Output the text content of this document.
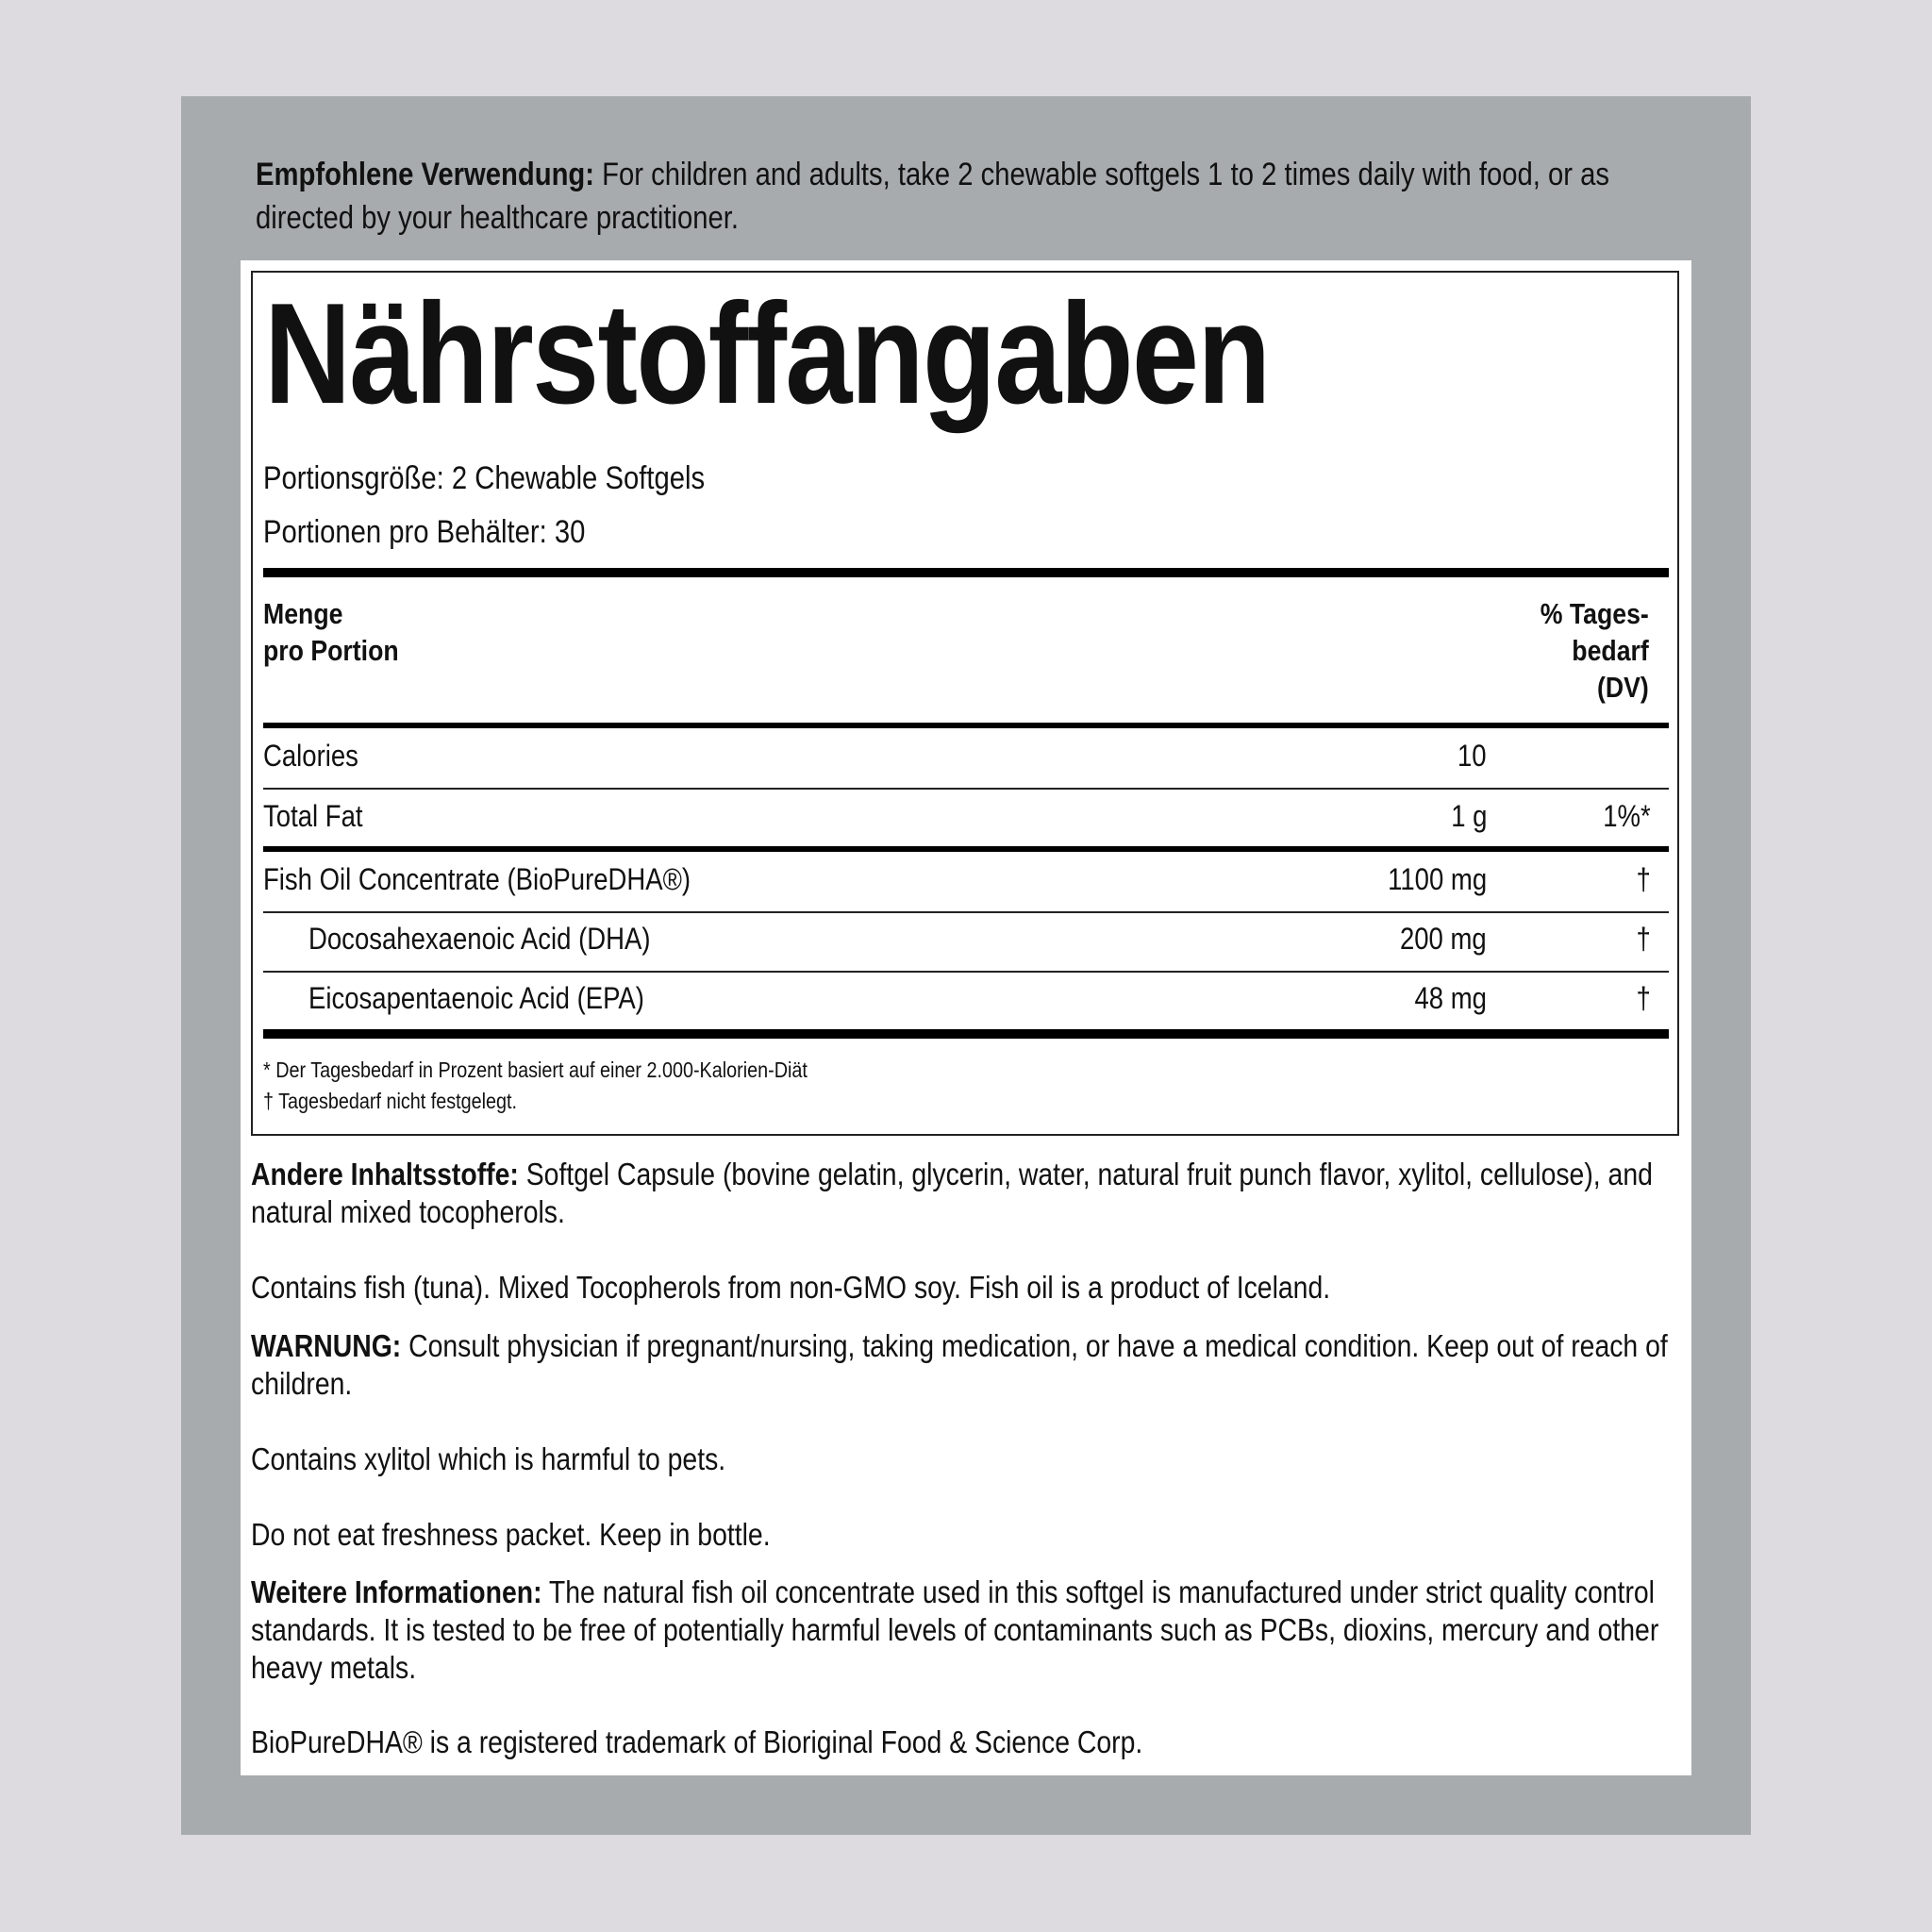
Empfohlene Verwendung: For children and adults, take 2 chewable softgels 1 to 2 times daily with food, or as directed by your healthcare practitioner.
Nährstoffangaben
Portionsgröße: 2 Chewable Softgels
Portionen pro Behälter: 30
Menge
pro Portion
% Tages-
bedarf
(DV)
Calories	10
Total Fat	1 g	1%*
Fish Oil Concentrate (BioPureDHA®)	1100 mg	†
Docosahexaenoic Acid (DHA)	200 mg	†
Eicosapentaenoic Acid (EPA)	48 mg	†
* Der Tagesbedarf in Prozent basiert auf einer 2.000-Kalorien-Diät
† Tagesbedarf nicht festgelegt.
Andere Inhaltsstoffe: Softgel Capsule (bovine gelatin, glycerin, water, natural fruit punch flavor, xylitol, cellulose), and natural mixed tocopherols.
Contains fish (tuna). Mixed Tocopherols from non-GMO soy. Fish oil is a product of Iceland.
WARNUNG: Consult physician if pregnant/nursing, taking medication, or have a medical condition. Keep out of reach of children.
Contains xylitol which is harmful to pets.
Do not eat freshness packet. Keep in bottle.
Weitere Informationen: The natural fish oil concentrate used in this softgel is manufactured under strict quality control standards. It is tested to be free of potentially harmful levels of contaminants such as PCBs, dioxins, mercury and other heavy metals.
BioPureDHA® is a registered trademark of Bioriginal Food & Science Corp.
